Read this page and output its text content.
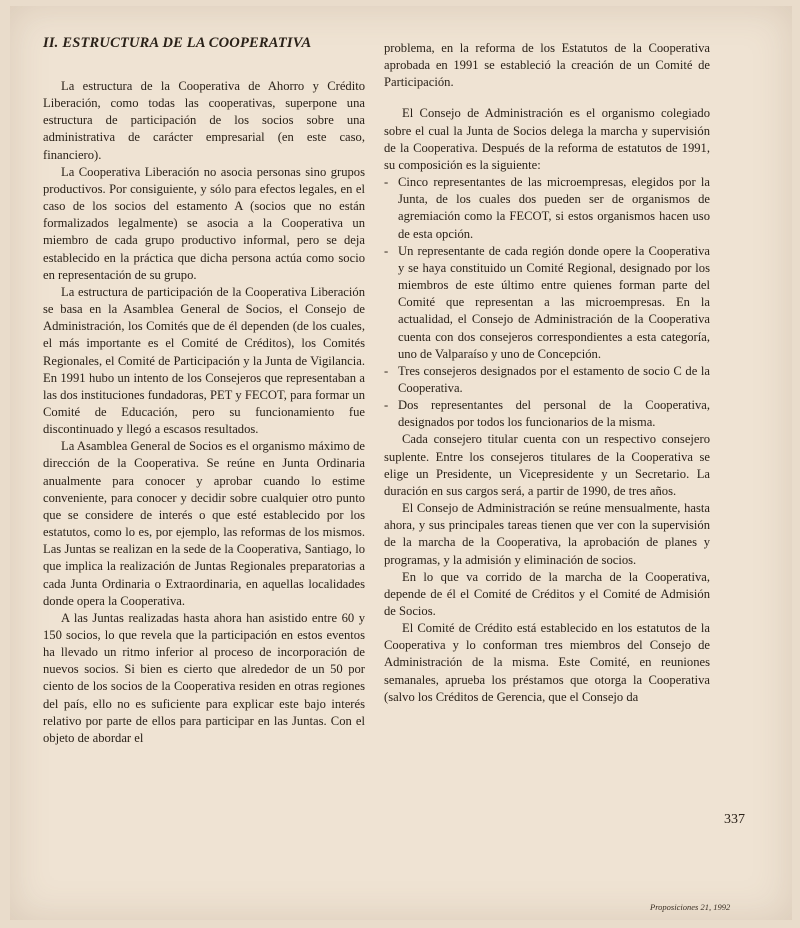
II. ESTRUCTURA DE LA COOPERATIVA

La estructura de la Cooperativa de Ahorro y Crédito Liberación, como todas las cooperativas, superpone una estructura de participación de los socios sobre una administrativa de carácter empresarial (en este caso, financiero).

La Cooperativa Liberación no asocia personas sino grupos productivos. Por consiguiente, y sólo para efectos legales, en el caso de los socios del estamento A (socios que no están formalizados legalmente) se asocia a la Cooperativa un miembro de cada grupo productivo informal, pero se deja establecido en la práctica que dicha persona actúa como socio en representación de su grupo.

La estructura de participación de la Cooperativa Liberación se basa en la Asamblea General de Socios, el Consejo de Administración, los Comités que de él dependen (de los cuales, el más importante es el Comité de Créditos), los Comités Regionales, el Comité de Participación y la Junta de Vigilancia. En 1991 hubo un intento de los Consejeros que representaban a las dos instituciones fundadoras, PET y FECOT, para formar un Comité de Educación, pero su funcionamiento fue discontinuado y llegó a escasos resultados.

La Asamblea General de Socios es el organismo máximo de dirección de la Cooperativa. Se reúne en Junta Ordinaria anualmente para conocer y aprobar cuando lo estime conveniente, para conocer y decidir sobre cualquier otro punto que se considere de interés o que esté establecido por los estatutos, como lo es, por ejemplo, las reformas de los mismos. Las Juntas se realizan en la sede de la Cooperativa, Santiago, lo que implica la realización de Juntas Regionales preparatorias a cada Junta Ordinaria o Extraordinaria, en aquellas localidades donde opera la Cooperativa.

A las Juntas realizadas hasta ahora han asistido entre 60 y 150 socios, lo que revela que la participación en estos eventos ha llevado un ritmo inferior al proceso de incorporación de nuevos socios. Si bien es cierto que alrededor de un 50 por ciento de los socios de la Cooperativa residen en otras regiones del país, ello no es suficiente para explicar este bajo interés relativo por parte de ellos para participar en las Juntas. Con el objeto de abordar el

problema, en la reforma de los Estatutos de la Cooperativa aprobada en 1991 se estableció la creación de un Comité de Participación.

El Consejo de Administración es el organismo colegiado sobre el cual la Junta de Socios delega la marcha y supervisión de la Cooperativa. Después de la reforma de estatutos de 1991, su composición es la siguiente:

- Cinco representantes de las microempresas, elegidos por la Junta, de los cuales dos pueden ser de organismos de agremiación como la FECOT, si estos organismos hacen uso de esta opción.
- Un representante de cada región donde opere la Cooperativa y se haya constituido un Comité Regional, designado por los miembros de este último entre quienes forman parte del Comité que representan a las microempresas. En la actualidad, el Consejo de Administración de la Cooperativa cuenta con dos consejeros correspondientes a esta categoría, uno de Valparaíso y uno de Concepción.
- Tres consejeros designados por el estamento de socio C de la Cooperativa.
- Dos representantes del personal de la Cooperativa, designados por todos los funcionarios de la misma.

Cada consejero titular cuenta con un respectivo consejero suplente. Entre los consejeros titulares de la Cooperativa se elige un Presidente, un Vicepresidente y un Secretario. La duración en sus cargos será, a partir de 1990, de tres años.

El Consejo de Administración se reúne mensualmente, hasta ahora, y sus principales tareas tienen que ver con la supervisión de la marcha de la Cooperativa, la aprobación de planes y programas, y la admisión y eliminación de socios.

En lo que va corrido de la marcha de la Cooperativa, depende de él el Comité de Créditos y el Comité de Admisión de Socios.

El Comité de Crédito está establecido en los estatutos de la Cooperativa y lo conforman tres miembros del Consejo de Administración de la misma. Este Comité, en reuniones semanales, aprueba los préstamos que otorga la Cooperativa (salvo los Créditos de Gerencia, que el Consejo da

337
Proposiciones 21, 1992
